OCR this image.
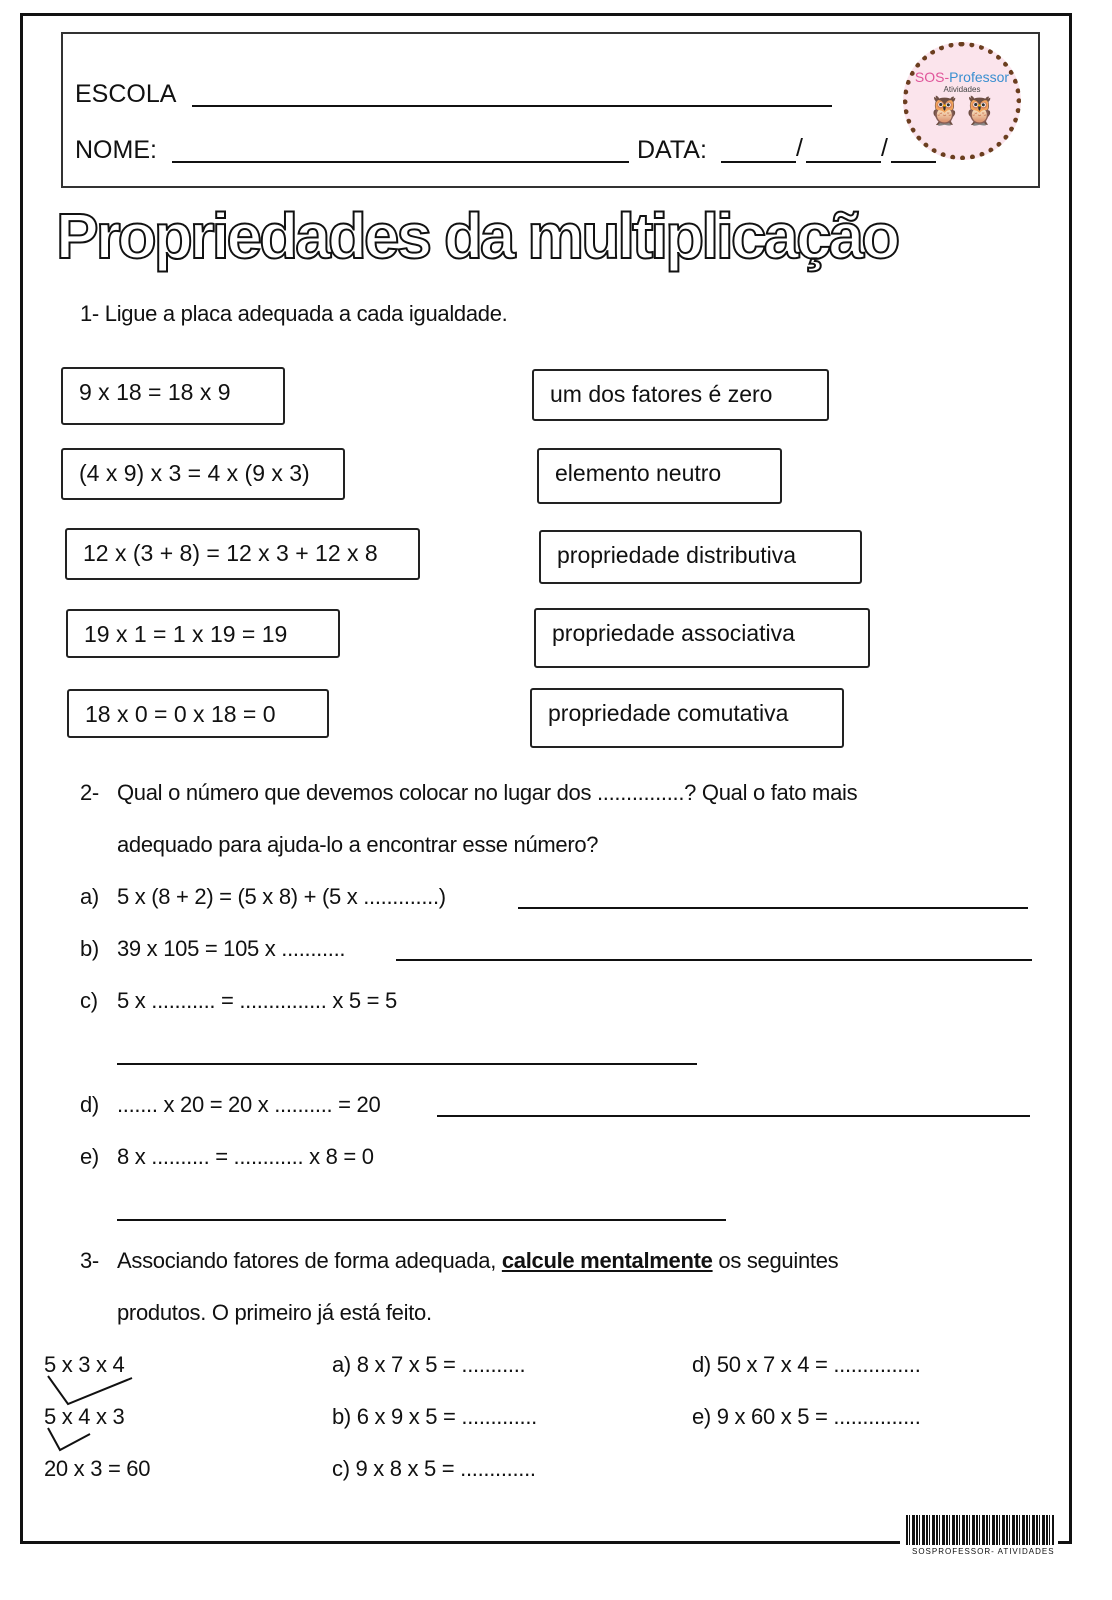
ESCOLA
NOME:	DATA:	/	/
SOS-Professor
Atividades
🦉🦉
Propriedades da multiplicação
1- Ligue a placa adequada a cada igualdade.
9 x 18 = 18 x 9
(4 x 9) x 3 = 4 x (9 x 3)
12 x (3 + 8) = 12 x 3 + 12 x 8
19 x 1 = 1 x 19 = 19
18 x 0 = 0 x 18 = 0
um dos fatores é zero
elemento neutro
propriedade distributiva
propriedade associativa
propriedade comutativa
2- Qual o número que devemos colocar no lugar dos ...............? Qual o fato mais
adequado para ajuda-lo a encontrar esse número?
a) 5 x (8 + 2) = (5 x 8) + (5 x .............)
b) 39 x 105 = 105 x ...........
c) 5 x ........... = ............... x 5 = 5
d) ....... x 20 = 20 x .......... = 20
e) 8 x .......... = ............ x 8 = 0
3- Associando fatores de forma adequada, calcule mentalmente os seguintes
produtos. O primeiro já está feito.
5 x 3 x 4
5 x 4 x 3
20 x 3 = 60
a) 8 x 7 x 5 = ...........
b) 6 x 9 x 5 = .............
c) 9 x 8 x 5 = .............
d) 50 x 7 x 4 = ...............
e) 9 x 60 x 5 = ...............
SOSPROFESSOR- ATIVIDADES
